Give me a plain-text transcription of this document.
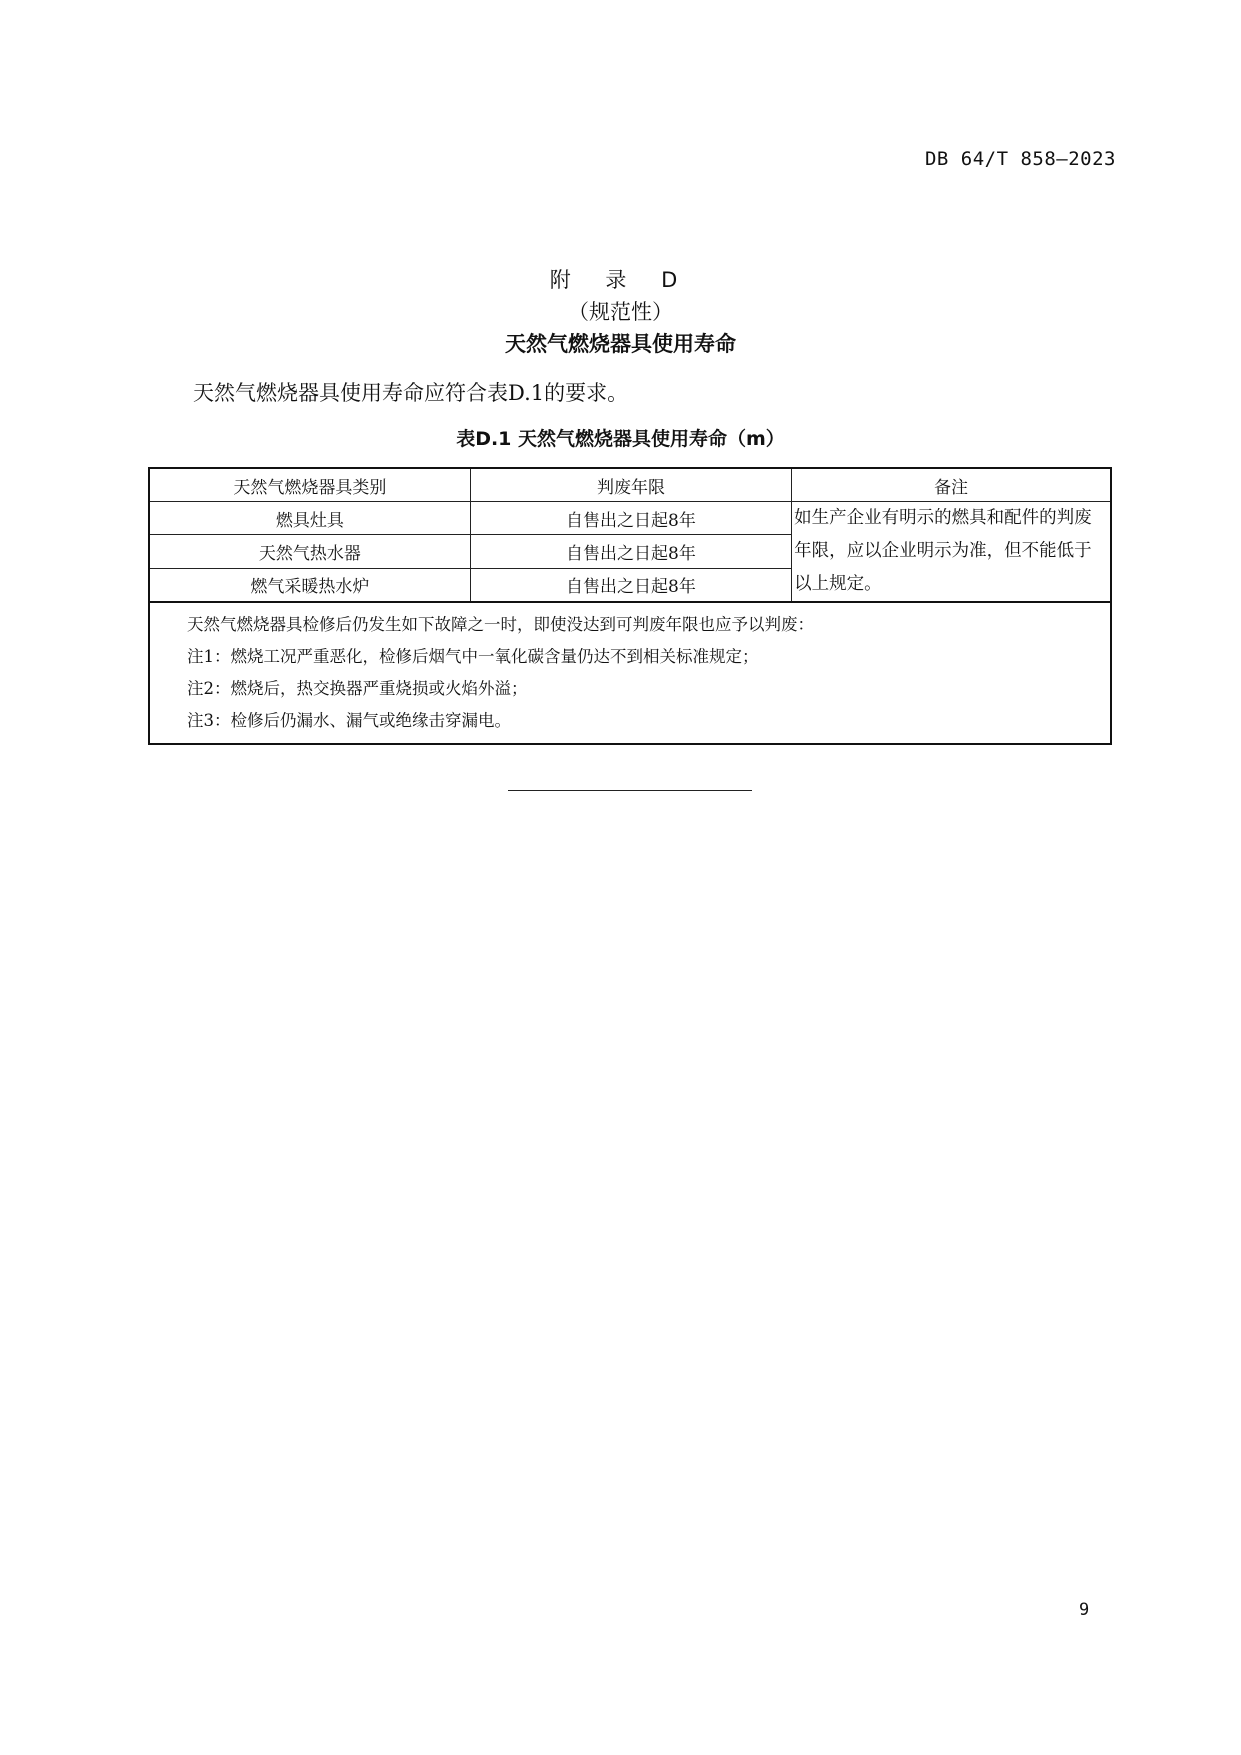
DB 64/T 858—2023
附 录 D
（规范性）
天然气燃烧器具使用寿命
天然气燃烧器具使用寿命应符合表D.1的要求。
表D.1 天然气燃烧器具使用寿命（m）
天然气燃烧器具类别	判废年限	备注
燃具灶具	自售出之日起8年	如生产企业有明示的燃具和配件的判废年限，应以企业明示为准，但不能低于以上规定。
天然气热水器	自售出之日起8年	
燃气采暖热水炉	自售出之日起8年	

天然气燃烧器具检修后仍发生如下故障之一时，即使没达到可判废年限也应予以判废：
注1：燃烧工况严重恶化，检修后烟气中一氧化碳含量仍达不到相关标准规定；
注2：燃烧后，热交换器严重烧损或火焰外溢；
注3：检修后仍漏水、漏气或绝缘击穿漏电。		
9
